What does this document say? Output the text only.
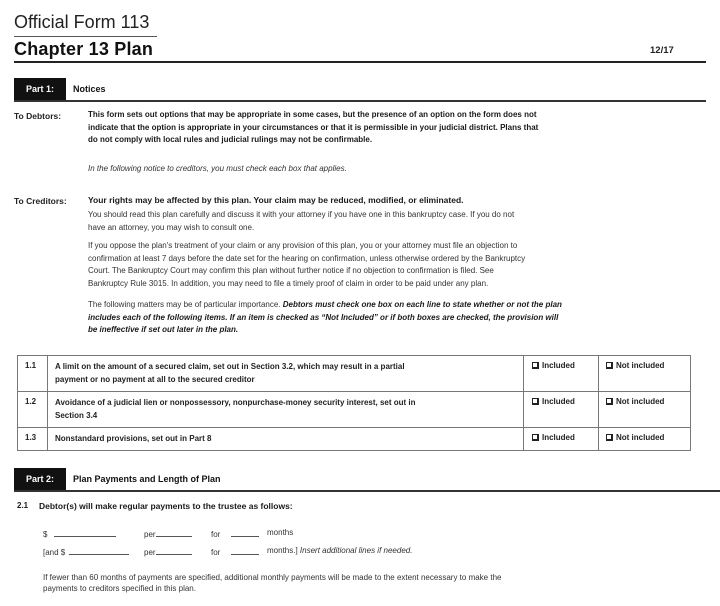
Official Form 113
Chapter 13 Plan	12/17
Part 1:	Notices
To Debtors:	This form sets out options that may be appropriate in some cases, but the presence of an option on the form does not
indicate that the option is appropriate in your circumstances or that it is permissible in your judicial district. Plans that
do not comply with local rules and judicial rulings may not be confirmable.
In the following notice to creditors, you must check each box that applies.
To Creditors:	Your rights may be affected by this plan. Your claim may be reduced, modified, or eliminated.
You should read this plan carefully and discuss it with your attorney if you have one in this bankruptcy case. If you do not
have an attorney, you may wish to consult one.
If you oppose the plan's treatment of your claim or any provision of this plan, you or your attorney must file an objection to
confirmation at least 7 days before the date set for the hearing on confirmation, unless otherwise ordered by the Bankruptcy
Court. The Bankruptcy Court may confirm this plan without further notice if no objection to confirmation is filed. See
Bankruptcy Rule 3015. In addition, you may need to file a timely proof of claim in order to be paid under any plan.
The following matters may be of particular importance. Debtors must check one box on each line to state whether or not the plan
includes each of the following items. If an item is checked as “Not Included” or if both boxes are checked, the provision will
be ineffective if set out later in the plan.
1.1 A limit on the amount of a secured claim, set out in Section 3.2, which may result in a partial
payment or no payment at all to the secured creditor
Included	Not included
1.2 Avoidance of a judicial lien or nonpossessory, nonpurchase-money security interest, set out in
Section 3.4
Included	Not included
1.3 Nonstandard provisions, set out in Part 8	Included	Not included
Part 2:	Plan Payments and Length of Plan
2.1 Debtor(s) will make regular payments to the trustee as follows:
$	per	for	months
[and $	per	for	months.] Insert additional lines if needed.
If fewer than 60 months of payments are specified, additional monthly payments will be made to the extent necessary to make the
payments to creditors specified in this plan.
